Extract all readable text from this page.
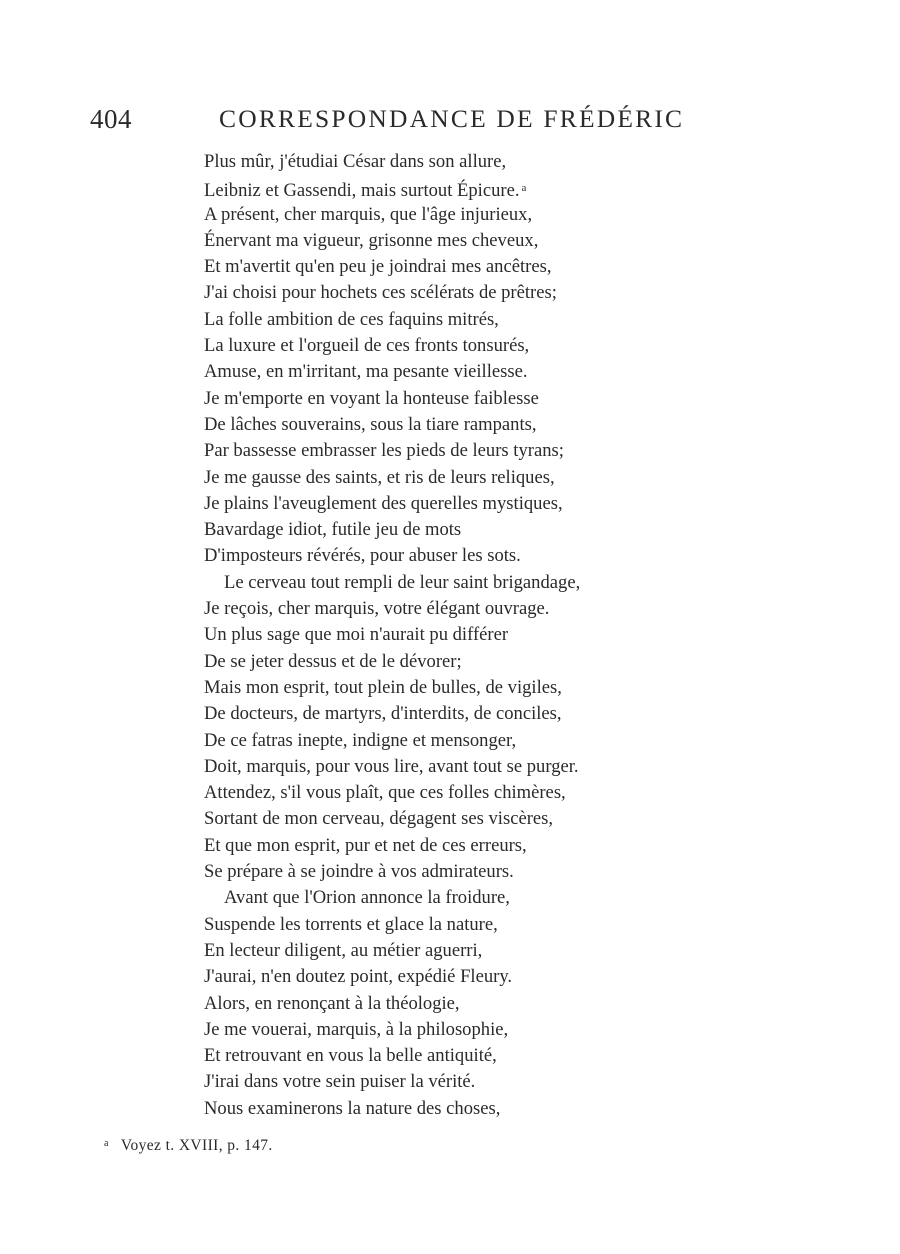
404	CORRESPONDANCE DE FRÉDÉRIC
Plus mûr, j'étudiai César dans son allure,
Leibniz et Gassendi, mais surtout Épicure. $^a$
A présent, cher marquis, que l'âge injurieux,
Énervant ma vigueur, grisonne mes cheveux,
Et m'avertit qu'en peu je joindrai mes ancêtres,
J'ai choisi pour hochets ces scélérats de prêtres;
La folle ambition de ces faquins mitrés,
La luxure et l'orgueil de ces fronts tonsurés,
Amuse, en m'irritant, ma pesante vieillesse.
Je m'emporte en voyant la honteuse faiblesse
De lâches souverains, sous la tiare rampants,
Par bassesse embrasser les pieds de leurs tyrans;
Je me gausse des saints, et ris de leurs reliques,
Je plains l'aveuglement des querelles mystiques,
Bavardage idiot, futile jeu de mots
D'imposteurs révérés, pour abuser les sots.
Le cerveau tout rempli de leur saint brigandage,
Je reçois, cher marquis, votre élégant ouvrage.
Un plus sage que moi n'aurait pu différer
De se jeter dessus et de le dévorer;
Mais mon esprit, tout plein de bulles, de vigiles,
De docteurs, de martyrs, d'interdits, de conciles,
De ce fatras inepte, indigne et mensonger,
Doit, marquis, pour vous lire, avant tout se purger.
Attendez, s'il vous plaît, que ces folles chimères,
Sortant de mon cerveau, dégagent ses viscères,
Et que mon esprit, pur et net de ces erreurs,
Se prépare à se joindre à vos admirateurs.
Avant que l'Orion annonce la froidure,
Suspende les torrents et glace la nature,
En lecteur diligent, au métier aguerri,
J'aurai, n'en doutez point, expédié Fleury.
Alors, en renonçant à la théologie,
Je me vouerai, marquis, à la philosophie,
Et retrouvant en vous la belle antiquité,
J'irai dans votre sein puiser la vérité.
Nous examinerons la nature des choses,
$^a$ Voyez t. XVIII, p. 147.
